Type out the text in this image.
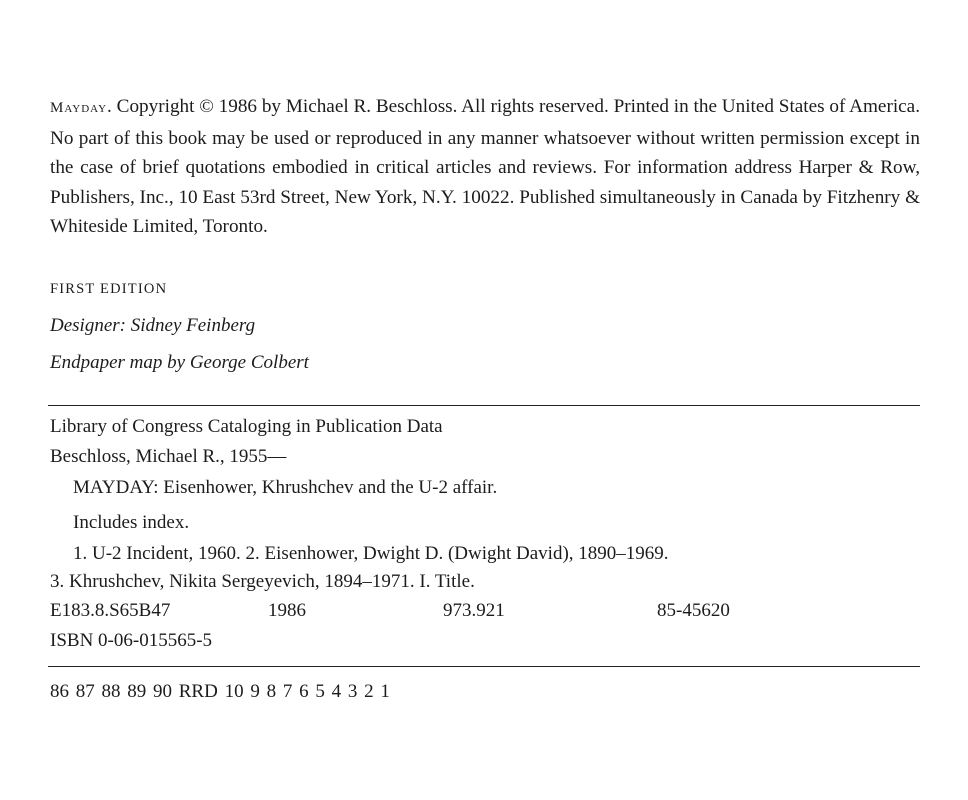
Mayday. Copyright © 1986 by Michael R. Beschloss. All rights reserved. Printed in the United States of America. No part of this book may be used or reproduced in any manner whatsoever without written permission except in the case of brief quotations embodied in critical articles and reviews. For information address Harper & Row, Publishers, Inc., 10 East 53rd Street, New York, N.Y. 10022. Published simultaneously in Canada by Fitzhenry & Whiteside Limited, Toronto.
FIRST EDITION
Designer: Sidney Feinberg
Endpaper map by George Colbert
Library of Congress Cataloging in Publication Data
Beschloss, Michael R., 1955—
MAYDAY: Eisenhower, Khrushchev and the U-2 affair.
Includes index.
1. U-2 Incident, 1960. 2. Eisenhower, Dwight D. (Dwight David), 1890–1969.
3. Khrushchev, Nikita Sergeyevich, 1894–1971. I. Title.
E183.8.S65B47	1986	973.921	85-45620
ISBN 0-06-015565-5
86 87 88 89 90 RRD 10 9 8 7 6 5 4 3 2 1
